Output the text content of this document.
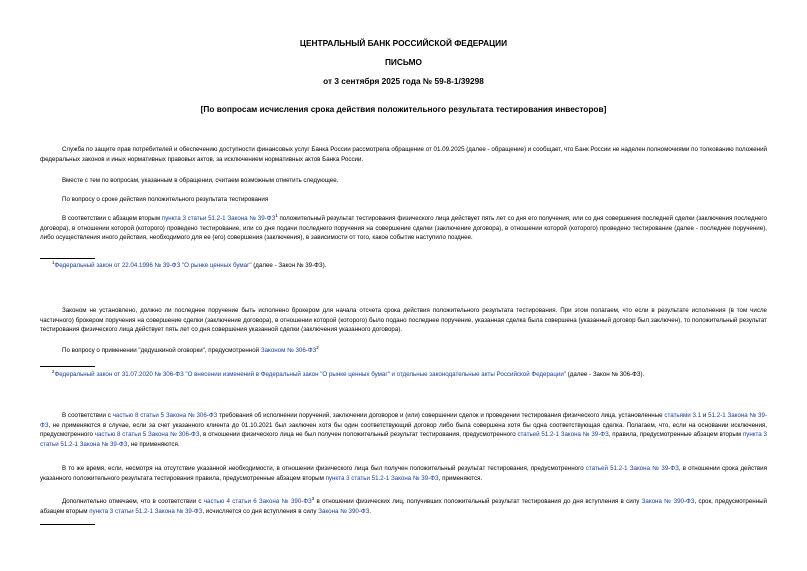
ЦЕНТРАЛЬНЫЙ БАНК РОССИЙСКОЙ ФЕДЕРАЦИИ
ПИСЬМО
от 3 сентября 2025 года № 59-8-1/39298
[По вопросам исчисления срока действия положительного результата тестирования инвесторов]

Служба по защите прав потребителей и обеспечению доступности финансовых услуг Банка России рассмотрела обращение от 01.09.2025 (далее - обращение) и сообщает, что Банк России не наделен полномочиями по толкованию положений федеральных законов и иных нормативных правовых актов, за исключением нормативных актов Банка России.

Вместе с тем по вопросам, указанным в обращении, считаем возможным отметить следующее.

По вопросу о сроке действия положительного результата тестирования

В соответствии с абзацем вторым пункта 3 статьи 51.2-1 Закона № $39-ФЗ^1$ положительный результат тестирования физического лица действует пять лет со дня его получения, или со дня совершения последней сделки (заключения последнего договора), в отношении которой (которого) проведено тестирование, или со дня подачи последнего поручения на совершение сделки (заключение договора), в отношении которой (которого) проведено тестирование (далее - последнее поручение), либо осуществления иного действия, необходимого для ее (его) совершения (заключения), в зависимости от того, какое событие наступило позднее.

$^1$Федеральный закон от 22.04.1996 № 39-ФЗ "О рынке ценных бумаг" (далее - Закон № 39-ФЗ).

Законом не установлено, должно ли последнее поручение быть исполнено брокером для начала отсчета срока действия положительного результата тестирования. При этом полагаем, что если в результате исполнения (в том числе частичного) брокером поручения на совершение сделки (заключение договора), в отношении которой (которого) было подано последнее поручение, указанная сделка была совершена (указанный договор был заключен), то положительный результат тестирования физического лица действует пять лет со дня совершения указанной сделки (заключения указанного договора).

По вопросу о применении "дедушкиной оговорки", предусмотренной Законом № $306-ФЗ^2$

$^2$Федеральный закон от 31.07.2020 № 306-ФЗ "О внесении изменений в Федеральный закон "О рынке ценных бумаг" и отдельные законодательные акты Российской Федерации" (далее - Закон № 306-ФЗ).

В соответствии с частью 8 статьи 5 Закона № 306-ФЗ требования об исполнении поручений, заключении договоров и (или) совершении сделок и проведении тестирования физического лица, установленные статьями 3.1 и 51.2-1 Закона № 39-ФЗ, не применяются в случае, если за счет указанного клиента до 01.10.2021 был заключен хотя бы один соответствующий договор либо была совершена хотя бы одна соответствующая сделка. Полагаем, что, если на основании исключения, предусмотренного частью 8 статьи 5 Закона № 306-ФЗ, в отношении физического лица не был получен положительный результат тестирования, предусмотренного статьей 51.2-1 Закона № 39-ФЗ, правила, предусмотренные абзацем вторым пункта 3 статьи 51.2-1 Закона № 39-ФЗ, не применяются.

В то же время, если, несмотря на отсутствие указанной необходимости, в отношении физического лица был получен положительный результат тестирования, предусмотренного статьей 51.2-1 Закона № 39-ФЗ, в отношении срока действия указанного положительного результата тестирования правила, предусмотренные абзацем вторым пункта 3 статьи 51.2-1 Закона № 39-ФЗ, применяются.

Дополнительно отмечаем, что в соответствии с частью 4 статьи 6 Закона № $390-ФЗ^3$ в отношении физических лиц, получивших положительный результат тестирования до дня вступления в силу Закона № 390-ФЗ, срок, предусмотренный абзацем вторым пункта 3 статьи 51.2-1 Закона № 39-ФЗ, исчисляется со дня вступления в силу Закона № 390-ФЗ.
